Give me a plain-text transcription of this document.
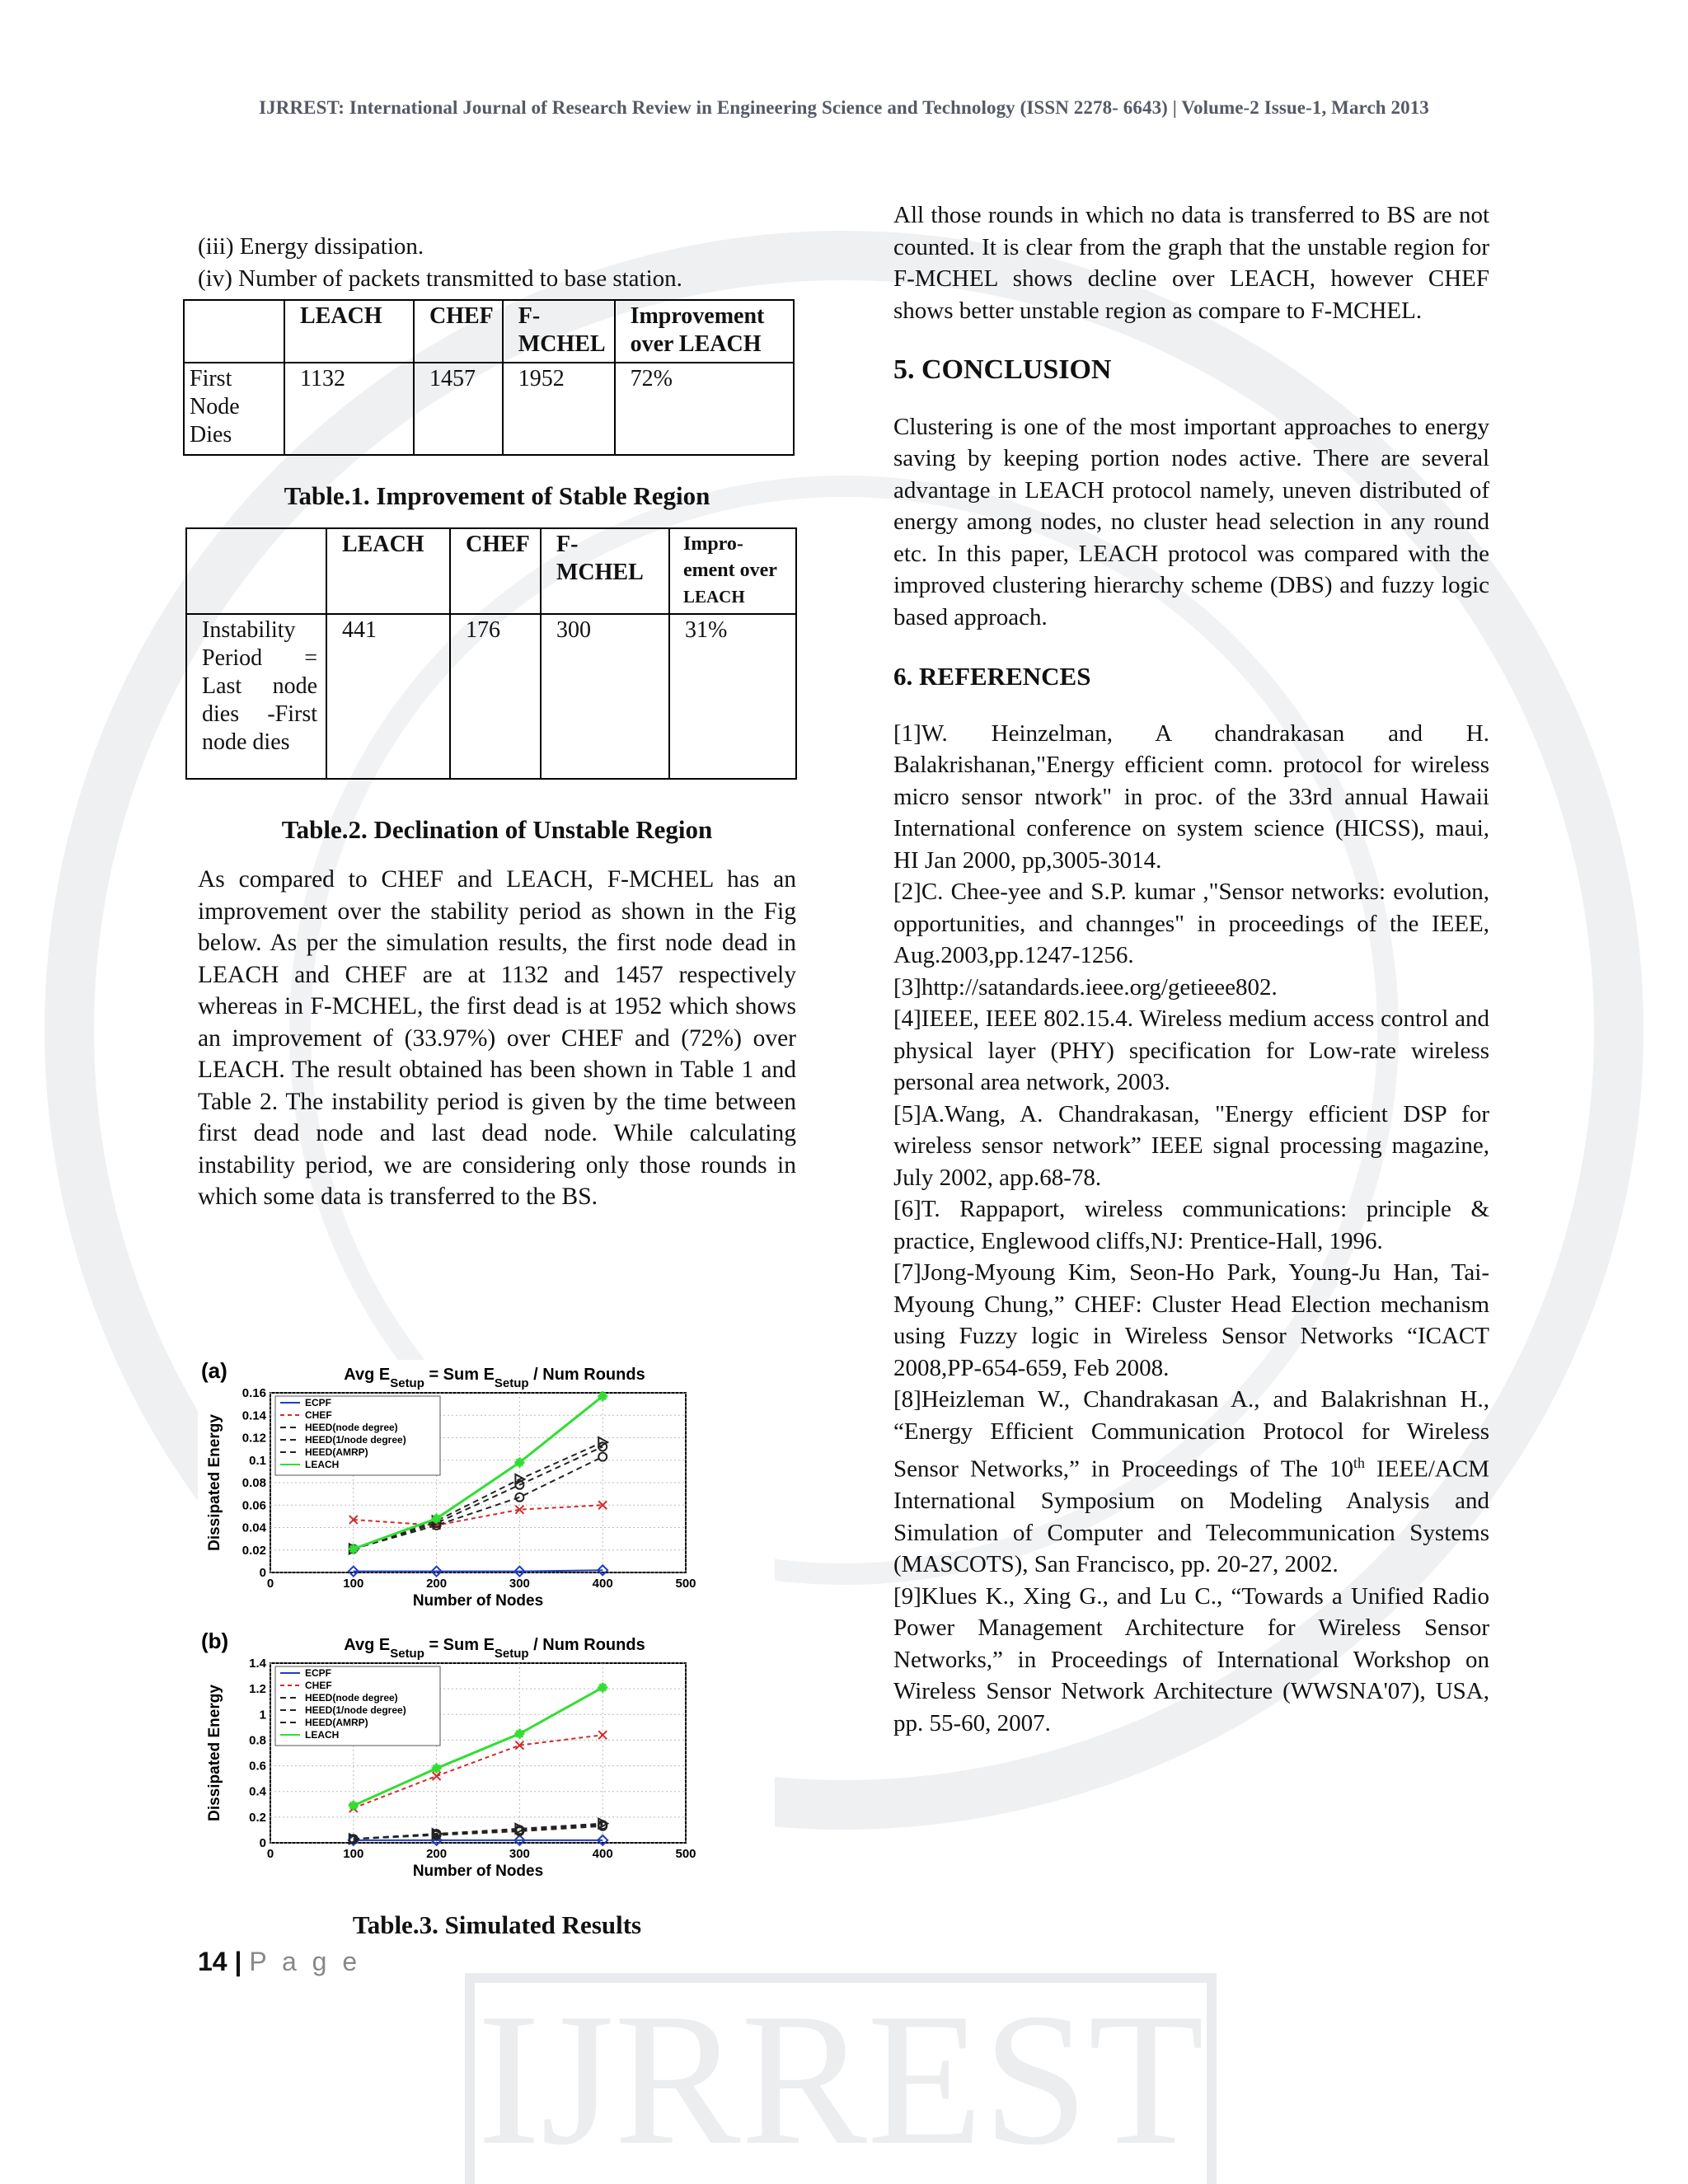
IJRREST
IJRREST: International Journal of Research Review in Engineering Science and Technology (ISSN 2278- 6643) | Volume-2 Issue-1, March 2013

(iii) Energy dissipation.

(iv) Number of packets transmitted to base station.

	LEACH	CHEF	F-MCHEL	Improvement over LEACH
First Node Dies	1132	1457	1952	72%

Table.1. Improvement of Stable Region

	LEACH	CHEF	F-MCHEL	Impro-ement over
LEACH
Instability Period = Last node dies -First node dies	441	176	300	31%

Table.2. Declination of Unstable Region

As compared to CHEF and LEACH, F-MCHEL has an improvement over the stability period as shown in the Fig below. As per the simulation results, the first node dead in LEACH and CHEF are at 1132 and 1457 respectively whereas in F-MCHEL, the first dead is at 1952 which shows an improvement of (33.97%) over CHEF and (72%) over LEACH. The result obtained has been shown in Table 1 and Table 2. The instability period is given by the time between first dead node and last dead node. While calculating instability period, we are considering only those rounds in which some data is transferred to the BS.

(a)	Avg $E_{Setup}$ = Sum $E_{Setup}$ / Num Rounds
0	100	200	300	400	500
0
0.02
0.04
0.06
0.08
0.1
0.12
0.14
0.16
Number of Nodes
Dissipated Energy
ECPF
CHEF
HEED(node degree)
HEED(1/node degree)
HEED(AMRP)
LEACH
(b)	Avg $E_{Setup}$ = Sum $E_{Setup}$ / Num Rounds
0	100	200	300	400	500
0
0.2
0.4
0.6
0.8
1
1.2
1.4
Number of Nodes
Dissipated Energy
ECPF
CHEF
HEED(node degree)
HEED(1/node degree)
HEED(AMRP)
LEACH
Table.3. Simulated Results

All those rounds in which no data is transferred to BS are not counted. It is clear from the graph that the unstable region for F-MCHEL shows decline over LEACH, however CHEF shows better unstable region as compare to F-MCHEL.

5. CONCLUSION

Clustering is one of the most important approaches to energy saving by keeping portion nodes active. There are several advantage in LEACH protocol namely, uneven distributed of energy among nodes, no cluster head selection in any round etc. In this paper, LEACH protocol was compared with the improved clustering hierarchy scheme (DBS) and fuzzy logic based approach.

6. REFERENCES

[1]W. Heinzelman, A chandrakasan and H. Balakrishanan,"Energy efficient comn. protocol for wireless micro sensor ntwork" in proc. of the 33rd annual Hawaii International conference on system science (HICSS), maui, HI Jan 2000, pp,3005-3014.

[2]C. Chee-yee and S.P. kumar ,"Sensor networks: evolution, opportunities, and channges" in proceedings of the IEEE, Aug.2003,pp.1247-1256.

[3]http://satandards.ieee.org/getieee802.

[4]IEEE, IEEE 802.15.4. Wireless medium access control and physical layer (PHY) specification for Low-rate wireless personal area network, 2003.

[5]A.Wang, A. Chandrakasan, "Energy efficient DSP for wireless sensor network” IEEE signal processing magazine, July 2002, app.68-78.

[6]T. Rappaport, wireless communications: principle & practice, Englewood cliffs,NJ: Prentice-Hall, 1996.

[7]Jong-Myoung Kim, Seon-Ho Park, Young-Ju Han, Tai-Myoung Chung,” CHEF: Cluster Head Election mechanism using Fuzzy logic in Wireless Sensor Networks “ICACT 2008,PP-654-659, Feb 2008.

[8]Heizleman W., Chandrakasan A., and Balakrishnan H., “Energy Efficient Communication Protocol for Wireless Sensor Networks,” in Proceedings of The 10th IEEE/ACM International Symposium on Modeling Analysis and Simulation of Computer and Telecommunication Systems (MASCOTS), San Francisco, pp. 20-27, 2002.

[9]Klues K., Xing G., and Lu C., “Towards a Unified Radio Power Management Architecture for Wireless Sensor Networks,” in Proceedings of International Workshop on Wireless Sensor Network Architecture (WWSNA'07), USA, pp. 55-60, 2007.

14 | P a g e
